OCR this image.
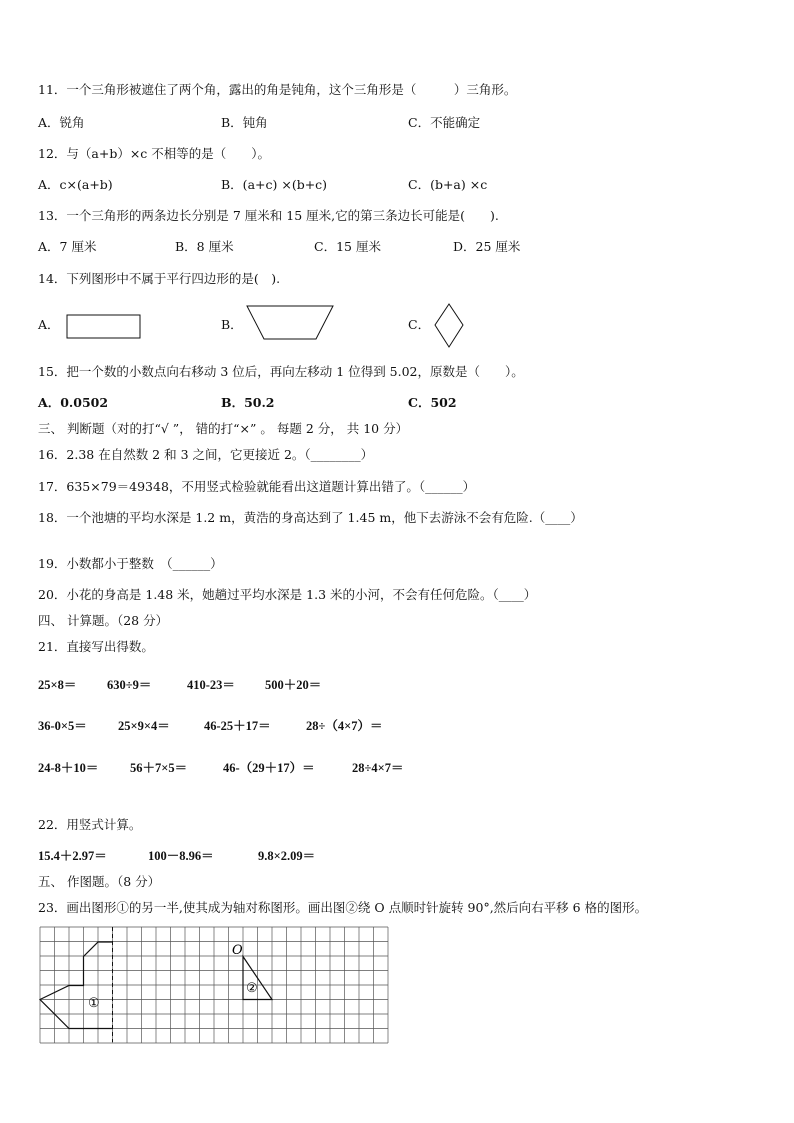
11．一个三角形被遮住了两个角，露出的角是钝角，这个三角形是（　　　）三角形。
A．锐角	B．钝角	C．不能确定
12．与（a+b）×c 不相等的是（　　）。
A．c×(a+b)	B．(a+c) ×(b+c)	C．(b+a) ×c
13．一个三角形的两条边长分别是 7 厘米和 15 厘米,它的第三条边长可能是(　　).
A．7 厘米	B．8 厘米	C．15 厘米	D．25 厘米
14．下列图形中不属于平行四边形的是(　).
A．	B．	C．
15．把一个数的小数点向右移动 3 位后，再向左移动 1 位得到 5.02，原数是（　　）。
A．0.0502	B．50.2	C．502
三、 判断题（对的打“√ ”， 错的打“×” 。 每题 2 分， 共 10 分）
16．2.38 在自然数 2 和 3 之间，它更接近 2。（________）
17．635×79＝49348，不用竖式检验就能看出这道题计算出错了。（______）
18．一个池塘的平均水深是 1.2 m，黄浩的身高达到了 1.45 m，他下去游泳不会有危险.（____）
19．小数都小于整数　（______）
20．小花的身高是 1.48 米，她趟过平均水深是 1.3 米的小河，不会有任何危险。（____）
四、 计算题。（28 分）
21．直接写出得数。
25×8＝ 630÷9＝	410-23＝ 500＋20＝
36-0×5＝ 25×9×4＝	46-25＋17＝	28÷（4×7）＝
24-8＋10＝	56＋7×5＝	46-（29＋17）＝	28÷4×7＝
22．用竖式计算。
15.4＋2.97＝	100－8.96＝	9.8×2.09＝
五、 作图题。（8 分）
23．画出图形①的另一半,使其成为轴对称图形。画出图②绕 O 点顺时针旋转 90°,然后向右平移 6 格的图形。
①
O
②
